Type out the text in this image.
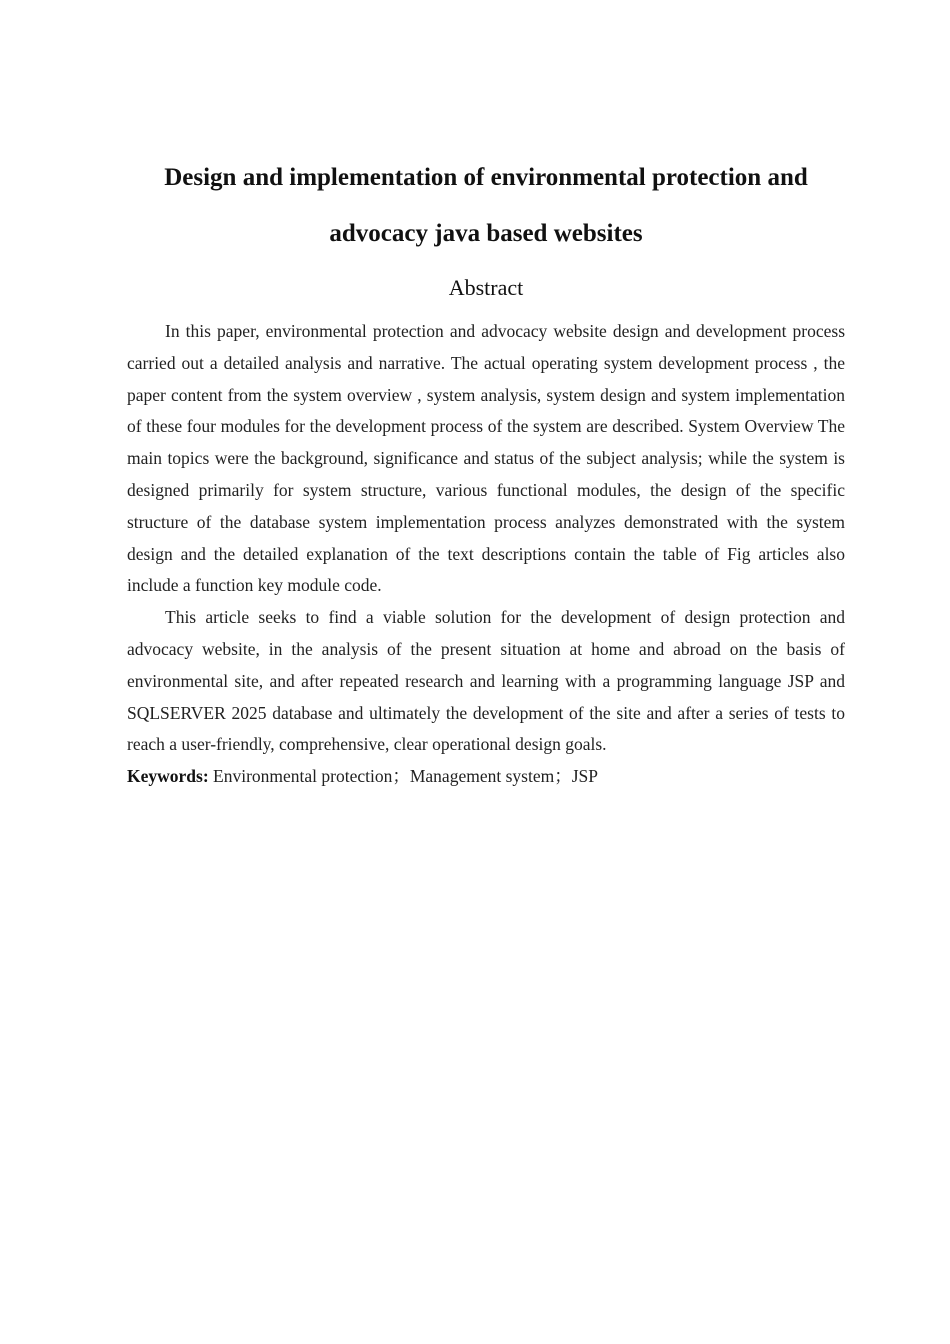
Design and implementation of environmental protection and advocacy java based websites
Abstract

In this paper, environmental protection and advocacy website design and development process carried out a detailed analysis and narrative. The actual operating system development process , the paper content from the system overview , system analysis, system design and system implementation of these four modules for the development process of the system are described. System Overview The main topics were the background, significance and status of the subject analysis; while the system is designed primarily for system structure, various functional modules, the design of the specific structure of the database system implementation process analyzes demonstrated with the system design and the detailed explanation of the text descriptions contain the table of Fig articles also include a function key module code.

This article seeks to find a viable solution for the development of design protection and advocacy website, in the analysis of the present situation at home and abroad on the basis of environmental site, and after repeated research and learning with a programming language JSP and SQLSERVER 2025 database and ultimately the development of the site and after a series of tests to reach a user-friendly, comprehensive, clear operational design goals.

Keywords: Environmental protection；Management system；JSP
